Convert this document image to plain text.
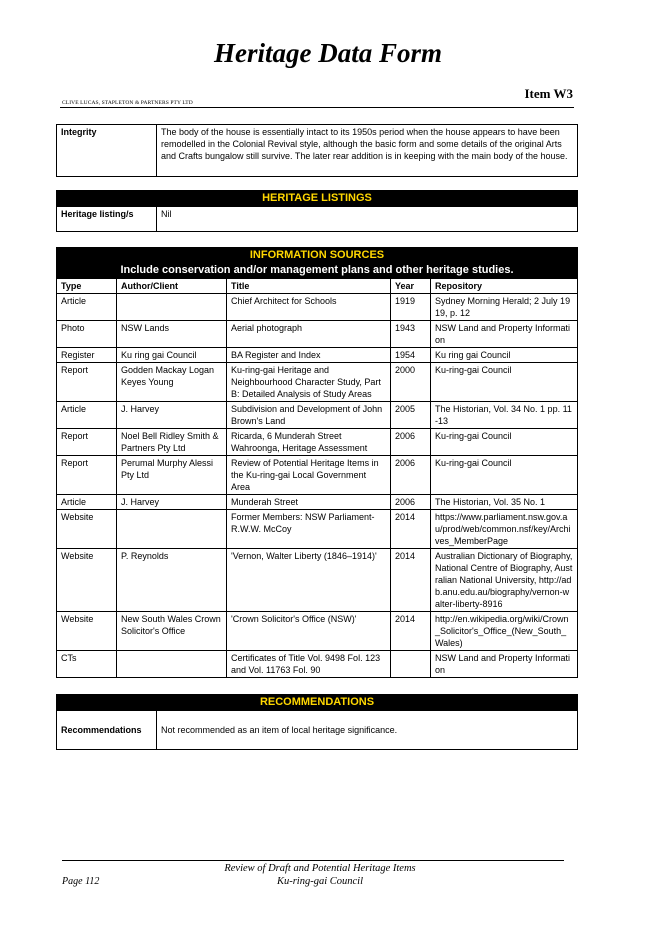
Heritage Data Form
Item W3
CLIVE LUCAS, STAPLETON & PARTNERS PTY LTD
Integrity	The body of the house is essentially intact to its 1950s period when the house appears to have been remodelled in the Colonial Revival style, although the basic form and some details of the original Arts and Crafts bungalow still survive. The later rear addition is in keeping with the main body of the house.
HERITAGE LISTINGS
Heritage listing/s	Nil
INFORMATION SOURCES				
Include conservation and/or management plans and other heritage studies.				
Type	Author/Client	Title	Year	Repository
Article		Chief Architect for Schools	1919	Sydney Morning Herald; 2 July 1919, p. 12
Photo	NSW Lands	Aerial photograph	1943	NSW Land and Property Information
Register	Ku ring gai Council	BA Register and Index	1954	Ku ring gai Council
Report	Godden Mackay Logan Keyes Young	Ku-ring-gai Heritage and Neighbourhood Character Study, Part B: Detailed Analysis of Study Areas	2000	Ku-ring-gai Council
Article	J. Harvey	Subdivision and Development of John Brown's Land	2005	The Historian, Vol. 34 No. 1 pp. 11-13
Report	Noel Bell Ridley Smith & Partners Pty Ltd	Ricarda, 6 Munderah Street Wahroonga, Heritage Assessment	2006	Ku-ring-gai Council
Report	Perumal Murphy Alessi Pty Ltd	Review of Potential Heritage Items in the Ku-ring-gai Local Government Area	2006	Ku-ring-gai Council
Article	J. Harvey	Munderah Street	2006	The Historian, Vol. 35 No. 1
Website		Former Members: NSW Parliament- R.W.W. McCoy	2014	https://www.parliament.nsw.gov.au/prod/web/common.nsf/key/Archives_MemberPage
Website	P. Reynolds	'Vernon, Walter Liberty (1846–1914)'	2014	Australian Dictionary of Biography, National Centre of Biography, Australian National University, http://adb.anu.edu.au/biography/vernon-walter-liberty-8916
Website	New South Wales Crown Solicitor's Office	'Crown Solicitor's Office (NSW)'	2014	http://en.wikipedia.org/wiki/Crown_Solicitor's_Office_(New_South_Wales)
CTs		Certificates of Title Vol. 9498 Fol. 123 and Vol. 11763 Fol. 90		NSW Land and Property Information
RECOMMENDATIONS
Recommendations	Not recommended as an item of local heritage significance.
Review of Draft and Potential Heritage Items
Ku-ring-gai Council
Page 112
